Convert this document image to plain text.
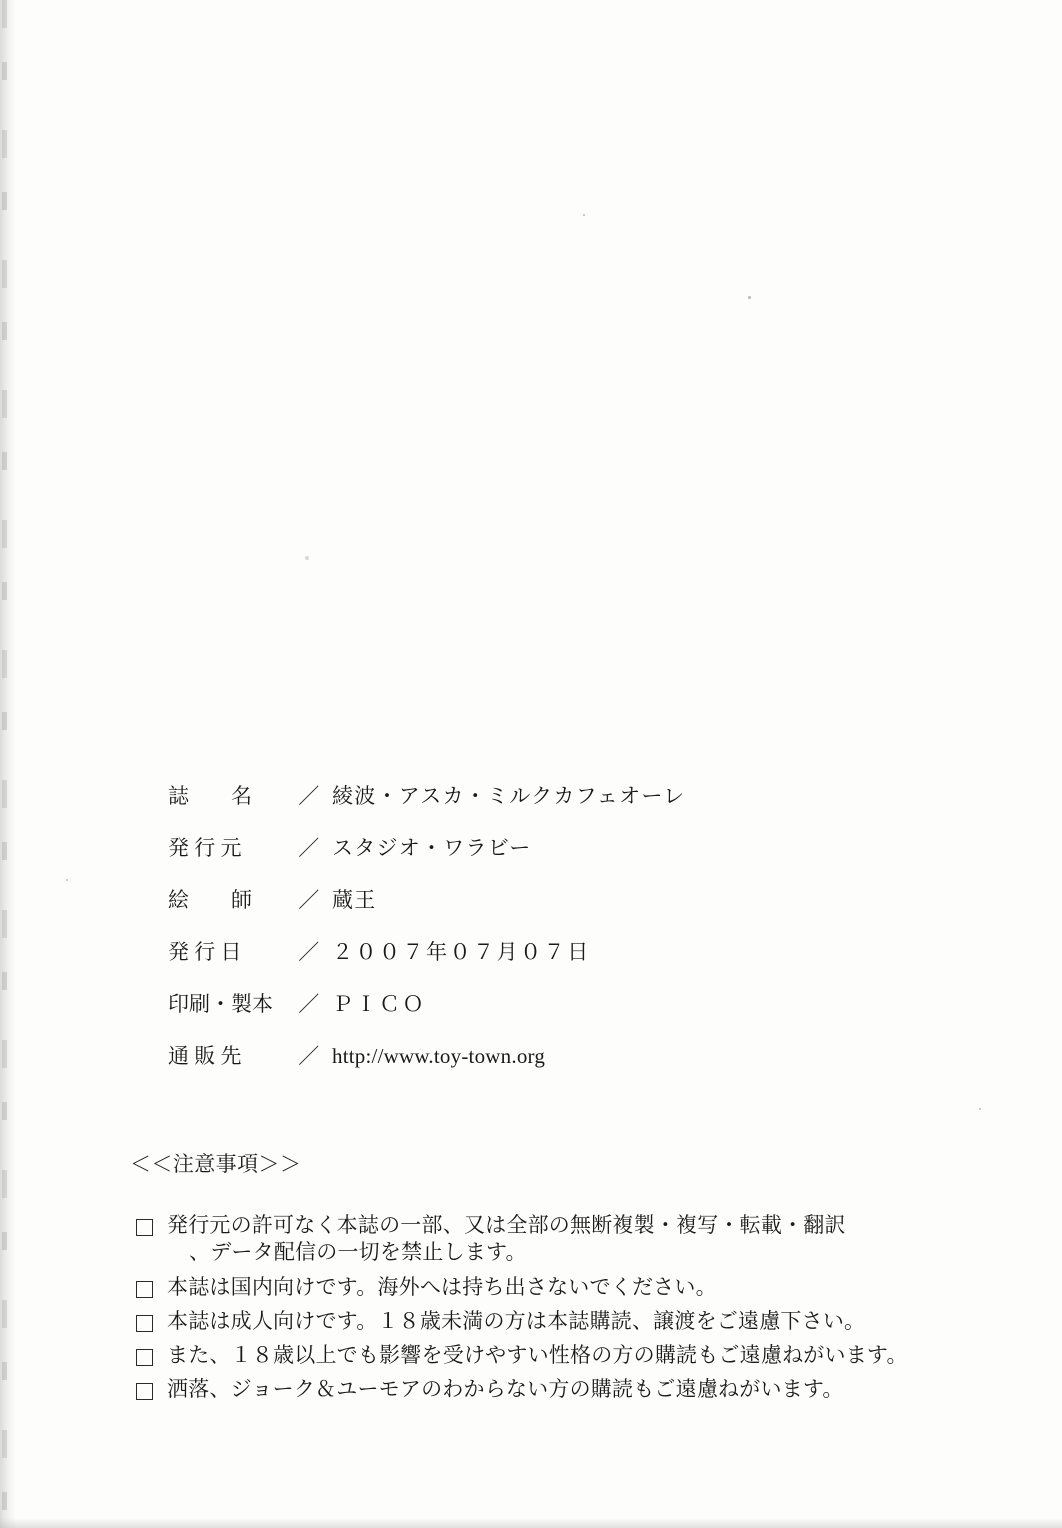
誌　　名	／ 綾波・アスカ・ミルクカフェオーレ
発 行 元	／ スタジオ・ワラビー
絵　　師	／ 蔵王
発 行 日	／ ２００７年０７月０７日
印刷・製本	／ ＰＩＣＯ
通 販 先	／ http://www.toy-town.org
＜＜注意事項＞＞
発行元の許可なく本誌の一部、又は全部の無断複製・複写・転載・翻訳
、データ配信の一切を禁止します。
本誌は国内向けです。海外へは持ち出さないでください。
本誌は成人向けです。１８歳未満の方は本誌購読、譲渡をご遠慮下さい。
また、１８歳以上でも影響を受けやすい性格の方の購読もご遠慮ねがいます。
洒落、ジョーク＆ユーモアのわからない方の購読もご遠慮ねがいます。
